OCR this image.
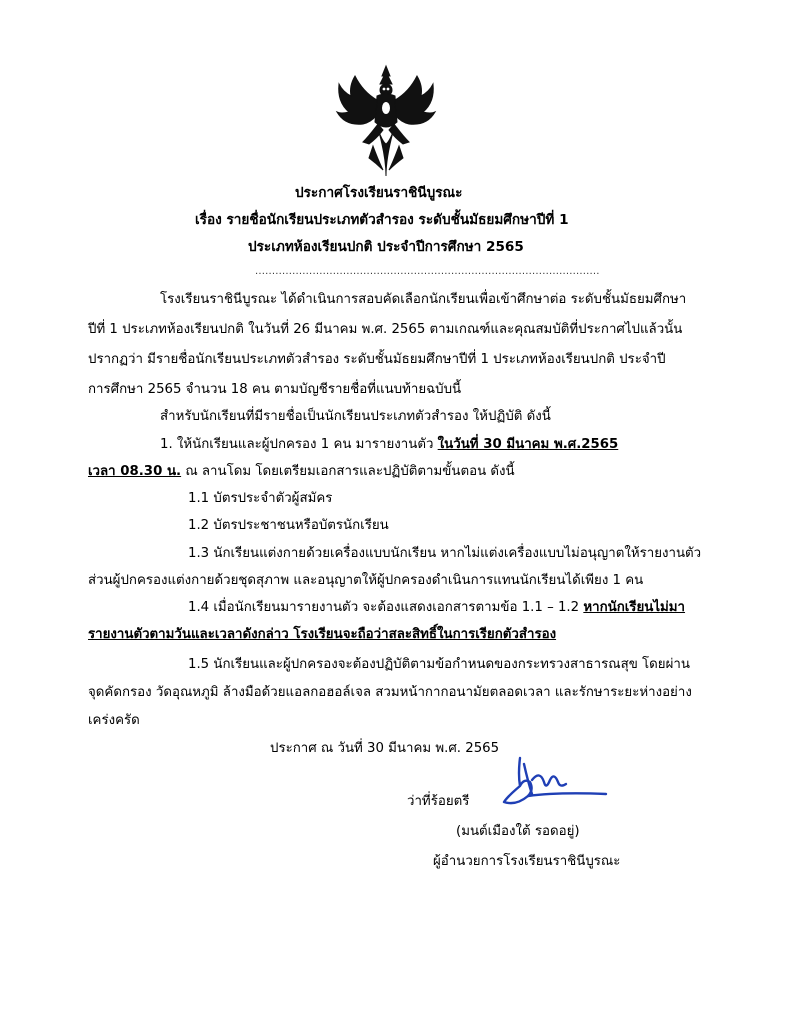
ประกาศโรงเรียนราชินีบูรณะ
เรื่อง รายชื่อนักเรียนประเภทตัวสำรอง ระดับชั้นมัธยมศึกษาปีที่ 1
ประเภทห้องเรียนปกติ ประจำปีการศึกษา 2565
......................................................................................................
โรงเรียนราชินีบูรณะ ได้ดำเนินการสอบคัดเลือกนักเรียนเพื่อเข้าศึกษาต่อ ระดับชั้นมัธยมศึกษา
ปีที่ 1 ประเภทห้องเรียนปกติ ในวันที่ 26 มีนาคม พ.ศ. 2565 ตามเกณฑ์และคุณสมบัติที่ประกาศไปแล้วนั้น
ปรากฏว่า มีรายชื่อนักเรียนประเภทตัวสำรอง ระดับชั้นมัธยมศึกษาปีที่ 1 ประเภทห้องเรียนปกติ ประจำปี
การศึกษา 2565 จำนวน 18 คน ตามบัญชีรายชื่อที่แนบท้ายฉบับนี้
สำหรับนักเรียนที่มีรายชื่อเป็นนักเรียนประเภทตัวสำรอง ให้ปฏิบัติ ดังนี้
1. ให้นักเรียนและผู้ปกครอง 1 คน มารายงานตัว ในวันที่ 30 มีนาคม พ.ศ.2565
เวลา 08.30 น. ณ ลานโดม โดยเตรียมเอกสารและปฏิบัติตามขั้นตอน ดังนี้
1.1 บัตรประจำตัวผู้สมัคร
1.2 บัตรประชาชนหรือบัตรนักเรียน
1.3 นักเรียนแต่งกายด้วยเครื่องแบบนักเรียน หากไม่แต่งเครื่องแบบไม่อนุญาตให้รายงานตัว
ส่วนผู้ปกครองแต่งกายด้วยชุดสุภาพ และอนุญาตให้ผู้ปกครองดำเนินการแทนนักเรียนได้เพียง 1 คน
1.4 เมื่อนักเรียนมารายงานตัว จะต้องแสดงเอกสารตามข้อ 1.1 – 1.2 หากนักเรียนไม่มา
รายงานตัวตามวันและเวลาดังกล่าว โรงเรียนจะถือว่าสละสิทธิ์ในการเรียกตัวสำรอง
1.5 นักเรียนและผู้ปกครองจะต้องปฏิบัติตามข้อกำหนดของกระทรวงสาธารณสุข โดยผ่าน
จุดคัดกรอง วัดอุณหภูมิ ล้างมือด้วยแอลกอฮอล์เจล สวมหน้ากากอนามัยตลอดเวลา และรักษาระยะห่างอย่าง
เคร่งครัด
ประกาศ ณ วันที่ 30 มีนาคม พ.ศ. 2565
ว่าที่ร้อยตรี
(มนต์เมืองใต้ รอดอยู่)
ผู้อำนวยการโรงเรียนราชินีบูรณะ
